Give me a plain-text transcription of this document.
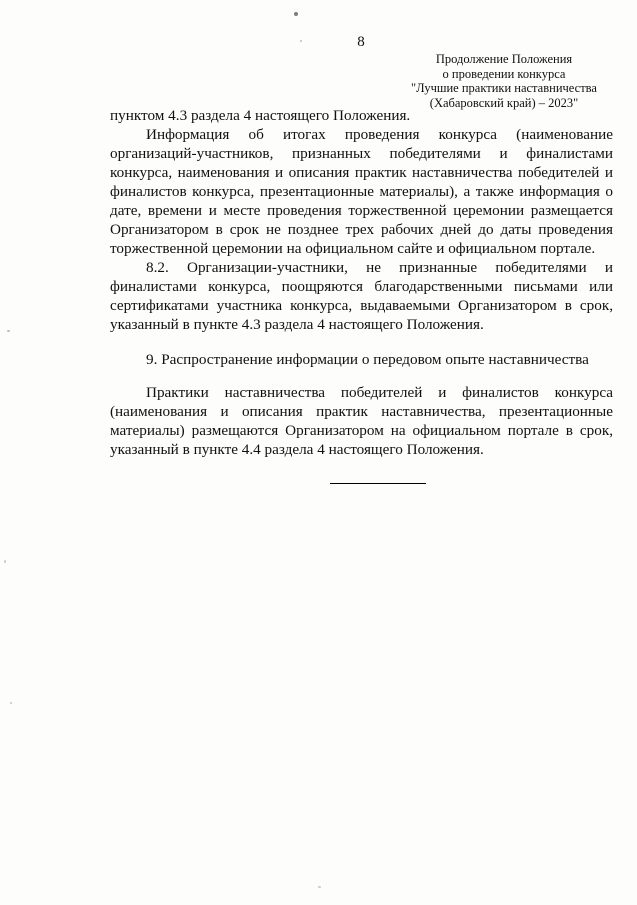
8
Продолжение Положения
о проведении конкурса
"Лучшие практики наставничества
(Хабаровский край) – 2023"

пунктом 4.3 раздела 4 настоящего Положения.

Информация об итогах проведения конкурса (наименование организаций-участников, признанных победителями и финалистами конкурса, наименования и описания практик наставничества победителей и финалистов конкурса, презентационные материалы), а также информация о дате, времени и месте проведения торжественной церемонии размещается Организатором в срок не позднее трех рабочих дней до даты проведения торжественной церемонии на официальном сайте и официальном портале.

8.2. Организации-участники, не признанные победителями и финалистами конкурса, поощряются благодарственными письмами или сертификатами участника конкурса, выдаваемыми Организатором в срок, указанный в пункте 4.3 раздела 4 настоящего Положения.

9. Распространение информации о передовом опыте наставничества

Практики наставничества победителей и финалистов конкурса (наименования и описания практик наставничества, презентационные материалы) размещаются Организатором на официальном портале в срок, указанный в пункте 4.4 раздела 4 настоящего Положения.
